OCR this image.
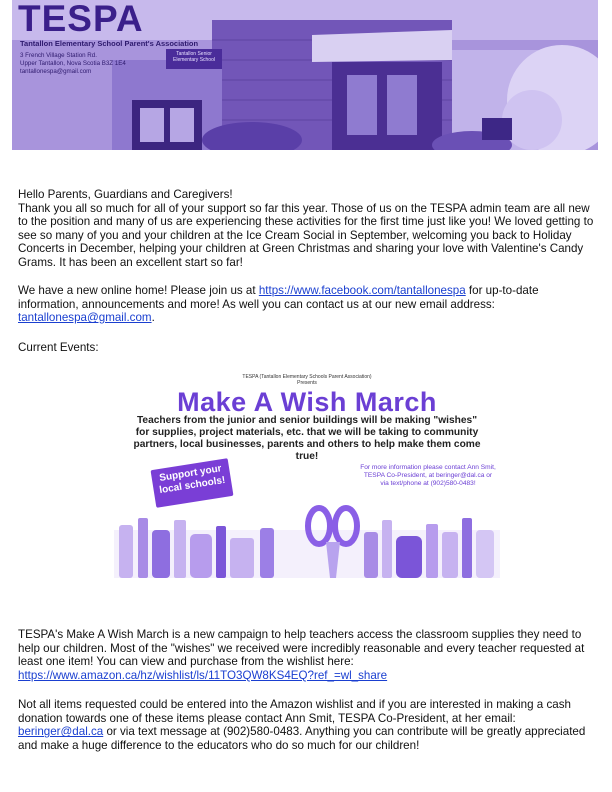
TESPA
Tantallon Elementary School Parent's Association
3 French Village Station Rd.
Upper Tantallon, Nova Scotia B3Z 1E4
tantallonespa@gmail.com
Tantallon Senior
Elementary School
Hello Parents, Guardians and Caregivers!
Thank you all so much for all of your support so far this year. Those of us on the TESPA admin team are all new to the position and many of us are experiencing these activities for the first time just like you! We loved getting to see so many of you and your children at the Ice Cream Social in September, welcoming you back to Holiday Concerts in December, helping your children at Green Christmas and sharing your love with Valentine's Candy Grams. It has been an excellent start so far!
We have a new online home! Please join us at https://www.facebook.com/tantallonespa for up-to-date information, announcements and more! As well you can contact us at our new email address: tantallonespa@gmail.com.
Current Events:
TESPA (Tantallon Elementary Schools Parent Association)
Presents
Make A Wish March
Teachers from the junior and senior buildings will be making "wishes" for supplies, project materials, etc. that we will be taking to community partners, local businesses, parents and others to help make them come true!
Support your local schools!
For more information please contact Ann Smit, TESPA Co-President, at beringer@dal.ca or via text/phone at (902)580-0483!
TESPA's Make A Wish March is a new campaign to help teachers access the classroom supplies they need to help our children. Most of the "wishes" we received were incredibly reasonable and every teacher requested at least one item! You can view and purchase from the wishlist here: https://www.amazon.ca/hz/wishlist/ls/11TO3QW8KS4EQ?ref_=wl_share
Not all items requested could be entered into the Amazon wishlist and if you are interested in making a cash donation towards one of these items please contact Ann Smit, TESPA Co-President, at her email: beringer@dal.ca or via text message at (902)580-0483. Anything you can contribute will be greatly appreciated and make a huge difference to the educators who do so much for our children!
